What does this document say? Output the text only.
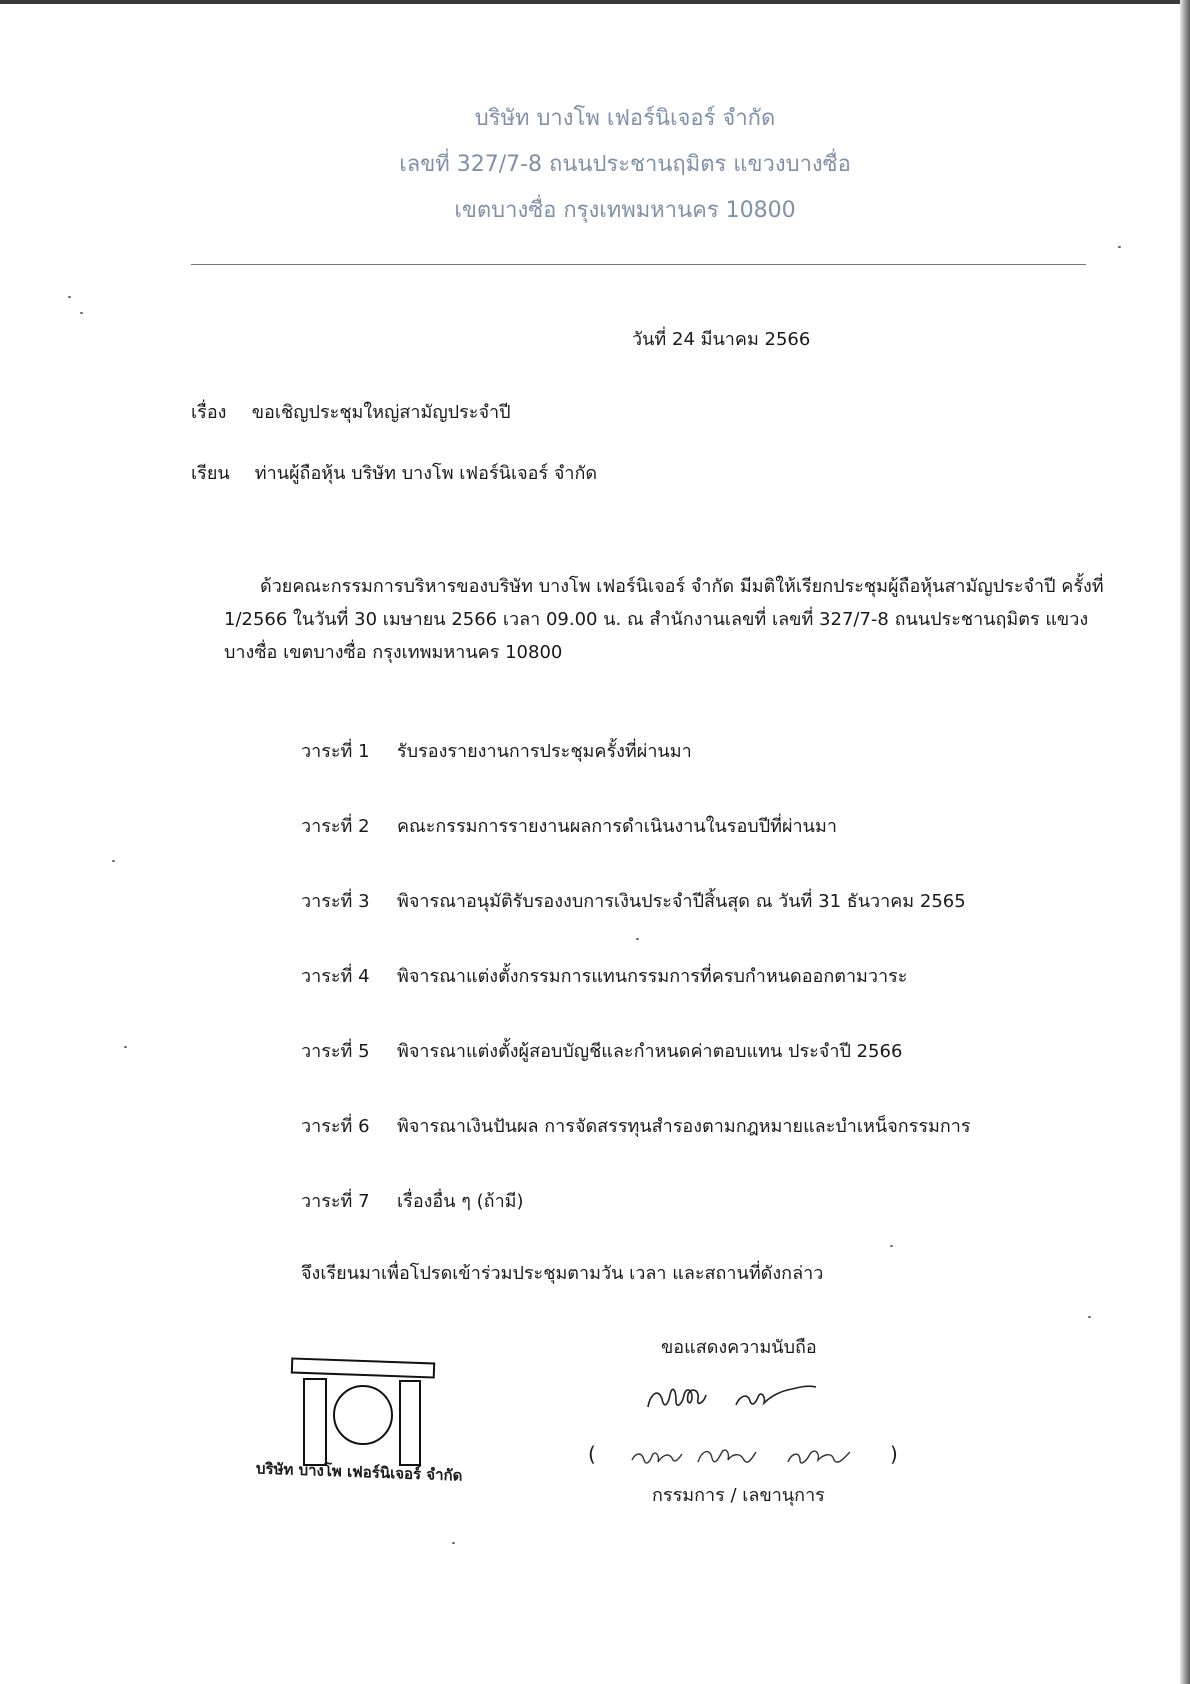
บริษัท บางโพ เฟอร์นิเจอร์ จำกัด
เลขที่ 327/7-8 ถนนประชานฤมิตร แขวงบางซื่อ
เขตบางซื่อ กรุงเทพมหานคร 10800
วันที่ 24 มีนาคม 2566
เรื่อง ขอเชิญประชุมใหญ่สามัญประจำปี
เรียน ท่านผู้ถือหุ้น บริษัท บางโพ เฟอร์นิเจอร์ จำกัด
ด้วยคณะกรรมการบริหารของบริษัท บางโพ เฟอร์นิเจอร์ จำกัด มีมติให้เรียกประชุมผู้ถือหุ้นสามัญประจำปี ครั้งที่ 1/2566 ในวันที่ 30 เมษายน 2566 เวลา 09.00 น. ณ สำนักงานเลขที่ เลขที่ 327/7-8 ถนนประชานฤมิตร แขวงบางซื่อ เขตบางซื่อ กรุงเทพมหานคร 10800
วาระที่ 1 รับรองรายงานการประชุมครั้งที่ผ่านมา
วาระที่ 2 คณะกรรมการรายงานผลการดำเนินงานในรอบปีที่ผ่านมา
วาระที่ 3 พิจารณาอนุมัติรับรองงบการเงินประจำปีสิ้นสุด ณ วันที่ 31 ธันวาคม 2565
วาระที่ 4 พิจารณาแต่งตั้งกรรมการแทนกรรมการที่ครบกำหนดออกตามวาระ
วาระที่ 5 พิจารณาแต่งตั้งผู้สอบบัญชีและกำหนดค่าตอบแทน ประจำปี 2566
วาระที่ 6 พิจารณาเงินปันผล การจัดสรรทุนสำรองตามกฎหมายและบำเหน็จกรรมการ
วาระที่ 7 เรื่องอื่น ๆ (ถ้ามี)
จึงเรียนมาเพื่อโปรดเข้าร่วมประชุมตามวัน เวลา และสถานที่ดังกล่าว
ขอแสดงความนับถือ
(	)
กรรมการ / เลขานุการ
บริษัท บางโพ เฟอร์นิเจอร์ จำกัด
